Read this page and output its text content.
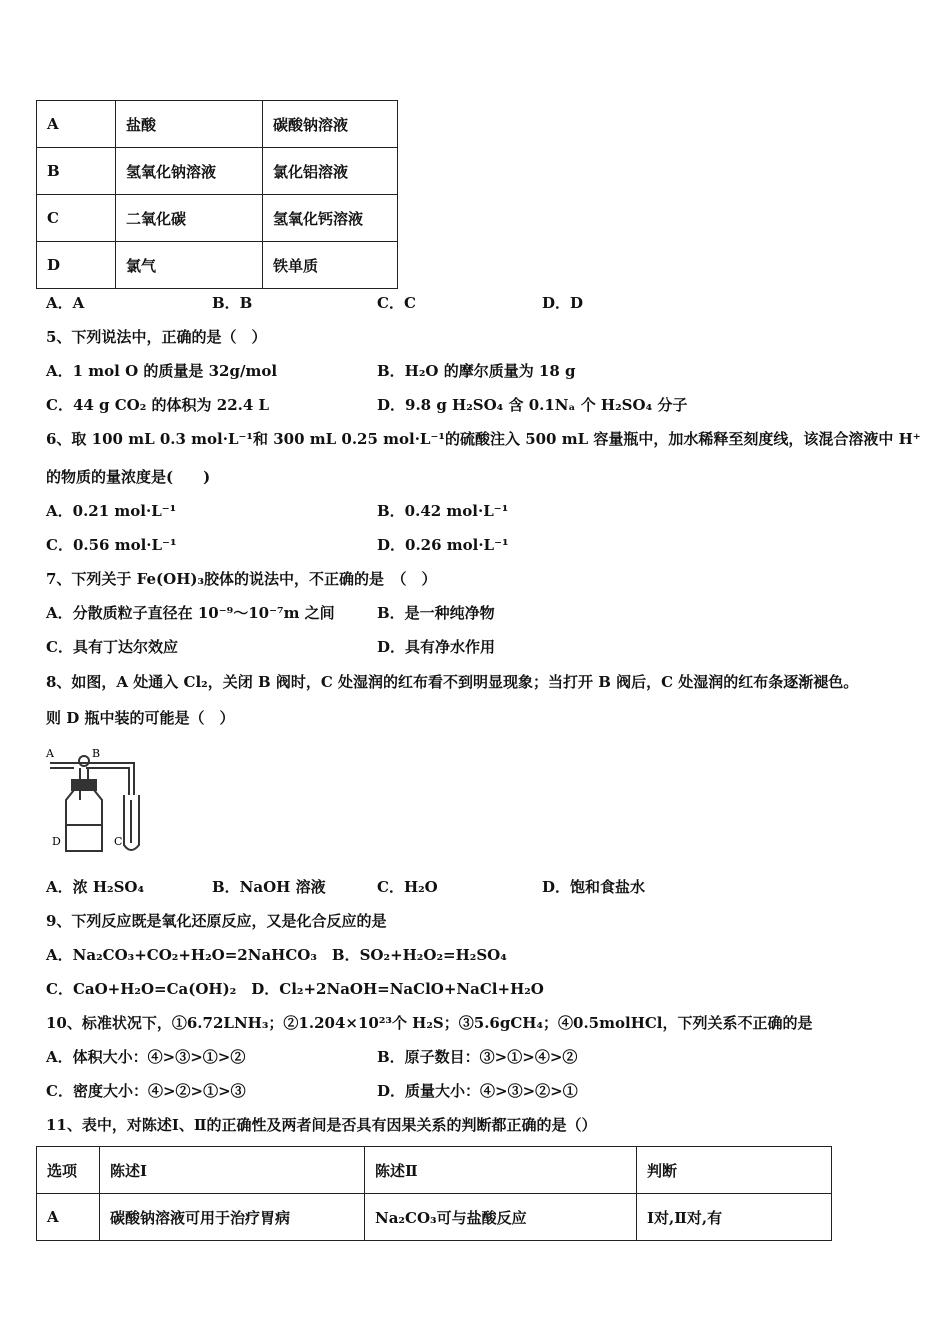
A	盐酸	碳酸钠溶液
B	氢氧化钠溶液	氯化铝溶液
C	二氧化碳	氢氧化钙溶液
D	氯气	铁单质
A．A	B．B	C．C	D．D
5、下列说法中，正确的是（　）
A．1 mol O 的质量是 32g/mol	B．H₂O 的摩尔质量为 18 g
C．44 g CO₂ 的体积为 22.4 L	D．9.8 g H₂SO₄ 含 0.1Nₐ 个 H₂SO₄ 分子
6、取 100 mL 0.3 mol·L⁻¹和 300 mL 0.25 mol·L⁻¹的硫酸注入 500 mL 容量瓶中，加水稀释至刻度线，该混合溶液中 H⁺
的物质的量浓度是(　　)
A．0.21 mol·L⁻¹	B．0.42 mol·L⁻¹
C．0.56 mol·L⁻¹	D．0.26 mol·L⁻¹
7、下列关于 Fe(OH)₃胶体的说法中，不正确的是　（　）
A．分散质粒子直径在 10⁻⁹～10⁻⁷m 之间	B．是一种纯净物
C．具有丁达尔效应	D．具有净水作用
8、如图，A 处通入 Cl₂，关闭 B 阀时，C 处湿润的红布看不到明显现象；当打开 B 阀后，C 处湿润的红布条逐渐褪色。
则 D 瓶中装的可能是（　）
A	B
C
D
A．浓 H₂SO₄	B．NaOH 溶液	C．H₂O	D．饱和食盐水
9、下列反应既是氧化还原反应，又是化合反应的是
A．Na₂CO₃+CO₂+H₂O=2NaHCO₃　B．SO₂+H₂O₂=H₂SO₄
C．CaO+H₂O=Ca(OH)₂　D．Cl₂+2NaOH=NaClO+NaCl+H₂O
10、标准状况下，①6.72LNH₃；②1.204×10²³个 H₂S；③5.6gCH₄；④0.5molHCl，下列关系不正确的是
A．体积大小：④>③>①>②	B．原子数目：③>①>④>②
C．密度大小：④>②>①>③	D．质量大小：④>③>②>①
11、表中，对陈述Ⅰ、Ⅱ的正确性及两者间是否具有因果关系的判断都正确的是（）
选项	陈述Ⅰ	陈述Ⅱ	判断
A	碳酸钠溶液可用于治疗胃病	Na₂CO₃可与盐酸反应	Ⅰ对,Ⅱ对,有
